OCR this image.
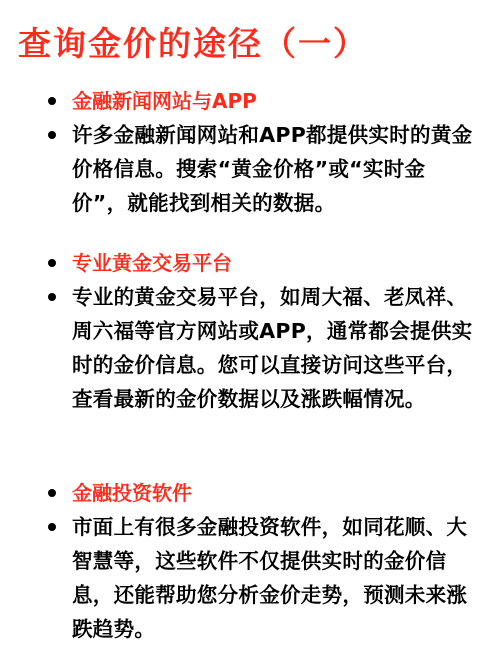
查询金价的途径（一）
金融新闻网站与APP
许多金融新闻网站和APP都提供实时的黄金价格信息。搜索“黄金价格”或“实时金价”，就能找到相关的数据。
专业黄金交易平台
专业的黄金交易平台，如周大福、老凤祥、周六福等官方网站或APP，通常都会提供实时的金价信息。您可以直接访问这些平台，查看最新的金价数据以及涨跌幅情况。
金融投资软件
市面上有很多金融投资软件，如同花顺、大智慧等，这些软件不仅提供实时的金价信息，还能帮助您分析金价走势，预测未来涨跌趋势。
